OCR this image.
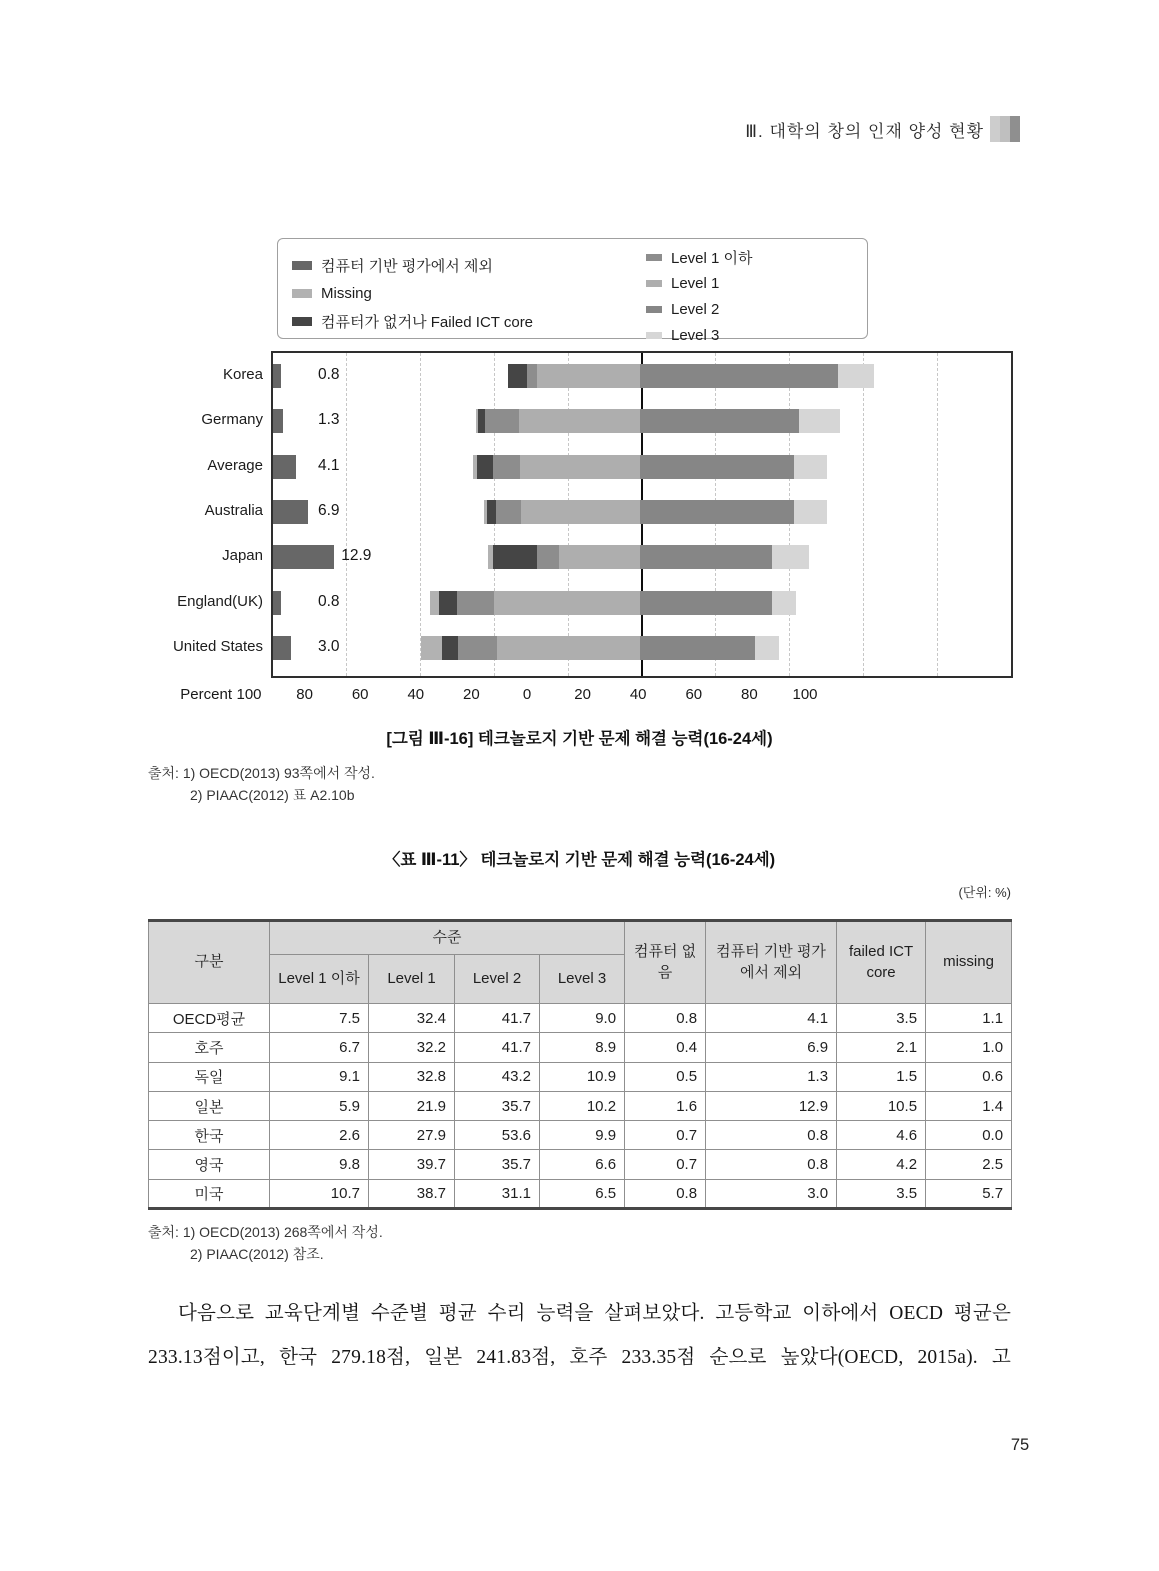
Ⅲ. 대학의 창의 인재 양성 현황
컴퓨터 기반 평가에서 제외
Missing
컴퓨터가 없거나 Failed ICT core
Level 1 이하
Level 1
Level 2
Level 3
Korea	0.8
Germany	1.3
Average	4.1
Australia	6.9
Japan	12.9
England(UK)	0.8
United States	3.0
Percent 100	80	60	40	20	0	20	40	60	80	100
[그림 Ⅲ-16] 테크놀로지 기반 문제 해결 능력(16-24세)
출처: 1) OECD(2013) 93쪽에서 작성.
2) PIAAC(2012) 표 A2.10b
〈표 Ⅲ-11〉 테크놀로지 기반 문제 해결 능력(16-24세)
(단위: %)
구분	수준				컴퓨터 없음	컴퓨터 기반 평가에서 제외	failed ICT core	missing
	Level 1 이하	Level 1	Level 2	Level 3				
OECD평균	7.5	32.4	41.7	9.0	0.8	4.1	3.5	1.1
호주	6.7	32.2	41.7	8.9	0.4	6.9	2.1	1.0
독일	9.1	32.8	43.2	10.9	0.5	1.3	1.5	0.6
일본	5.9	21.9	35.7	10.2	1.6	12.9	10.5	1.4
한국	2.6	27.9	53.6	9.9	0.7	0.8	4.6	0.0
영국	9.8	39.7	35.7	6.6	0.7	0.8	4.2	2.5
미국	10.7	38.7	31.1	6.5	0.8	3.0	3.5	5.7
출처: 1) OECD(2013) 268쪽에서 작성.
2) PIAAC(2012) 참조.
다음으로 교육단계별 수준별 평균 수리 능력을 살펴보았다. 고등학교 이하에서 OECD 평균은
233.13점이고, 한국 279.18점, 일본 241.83점, 호주 233.35점 순으로 높았다(OECD, 2015a). 고
75
